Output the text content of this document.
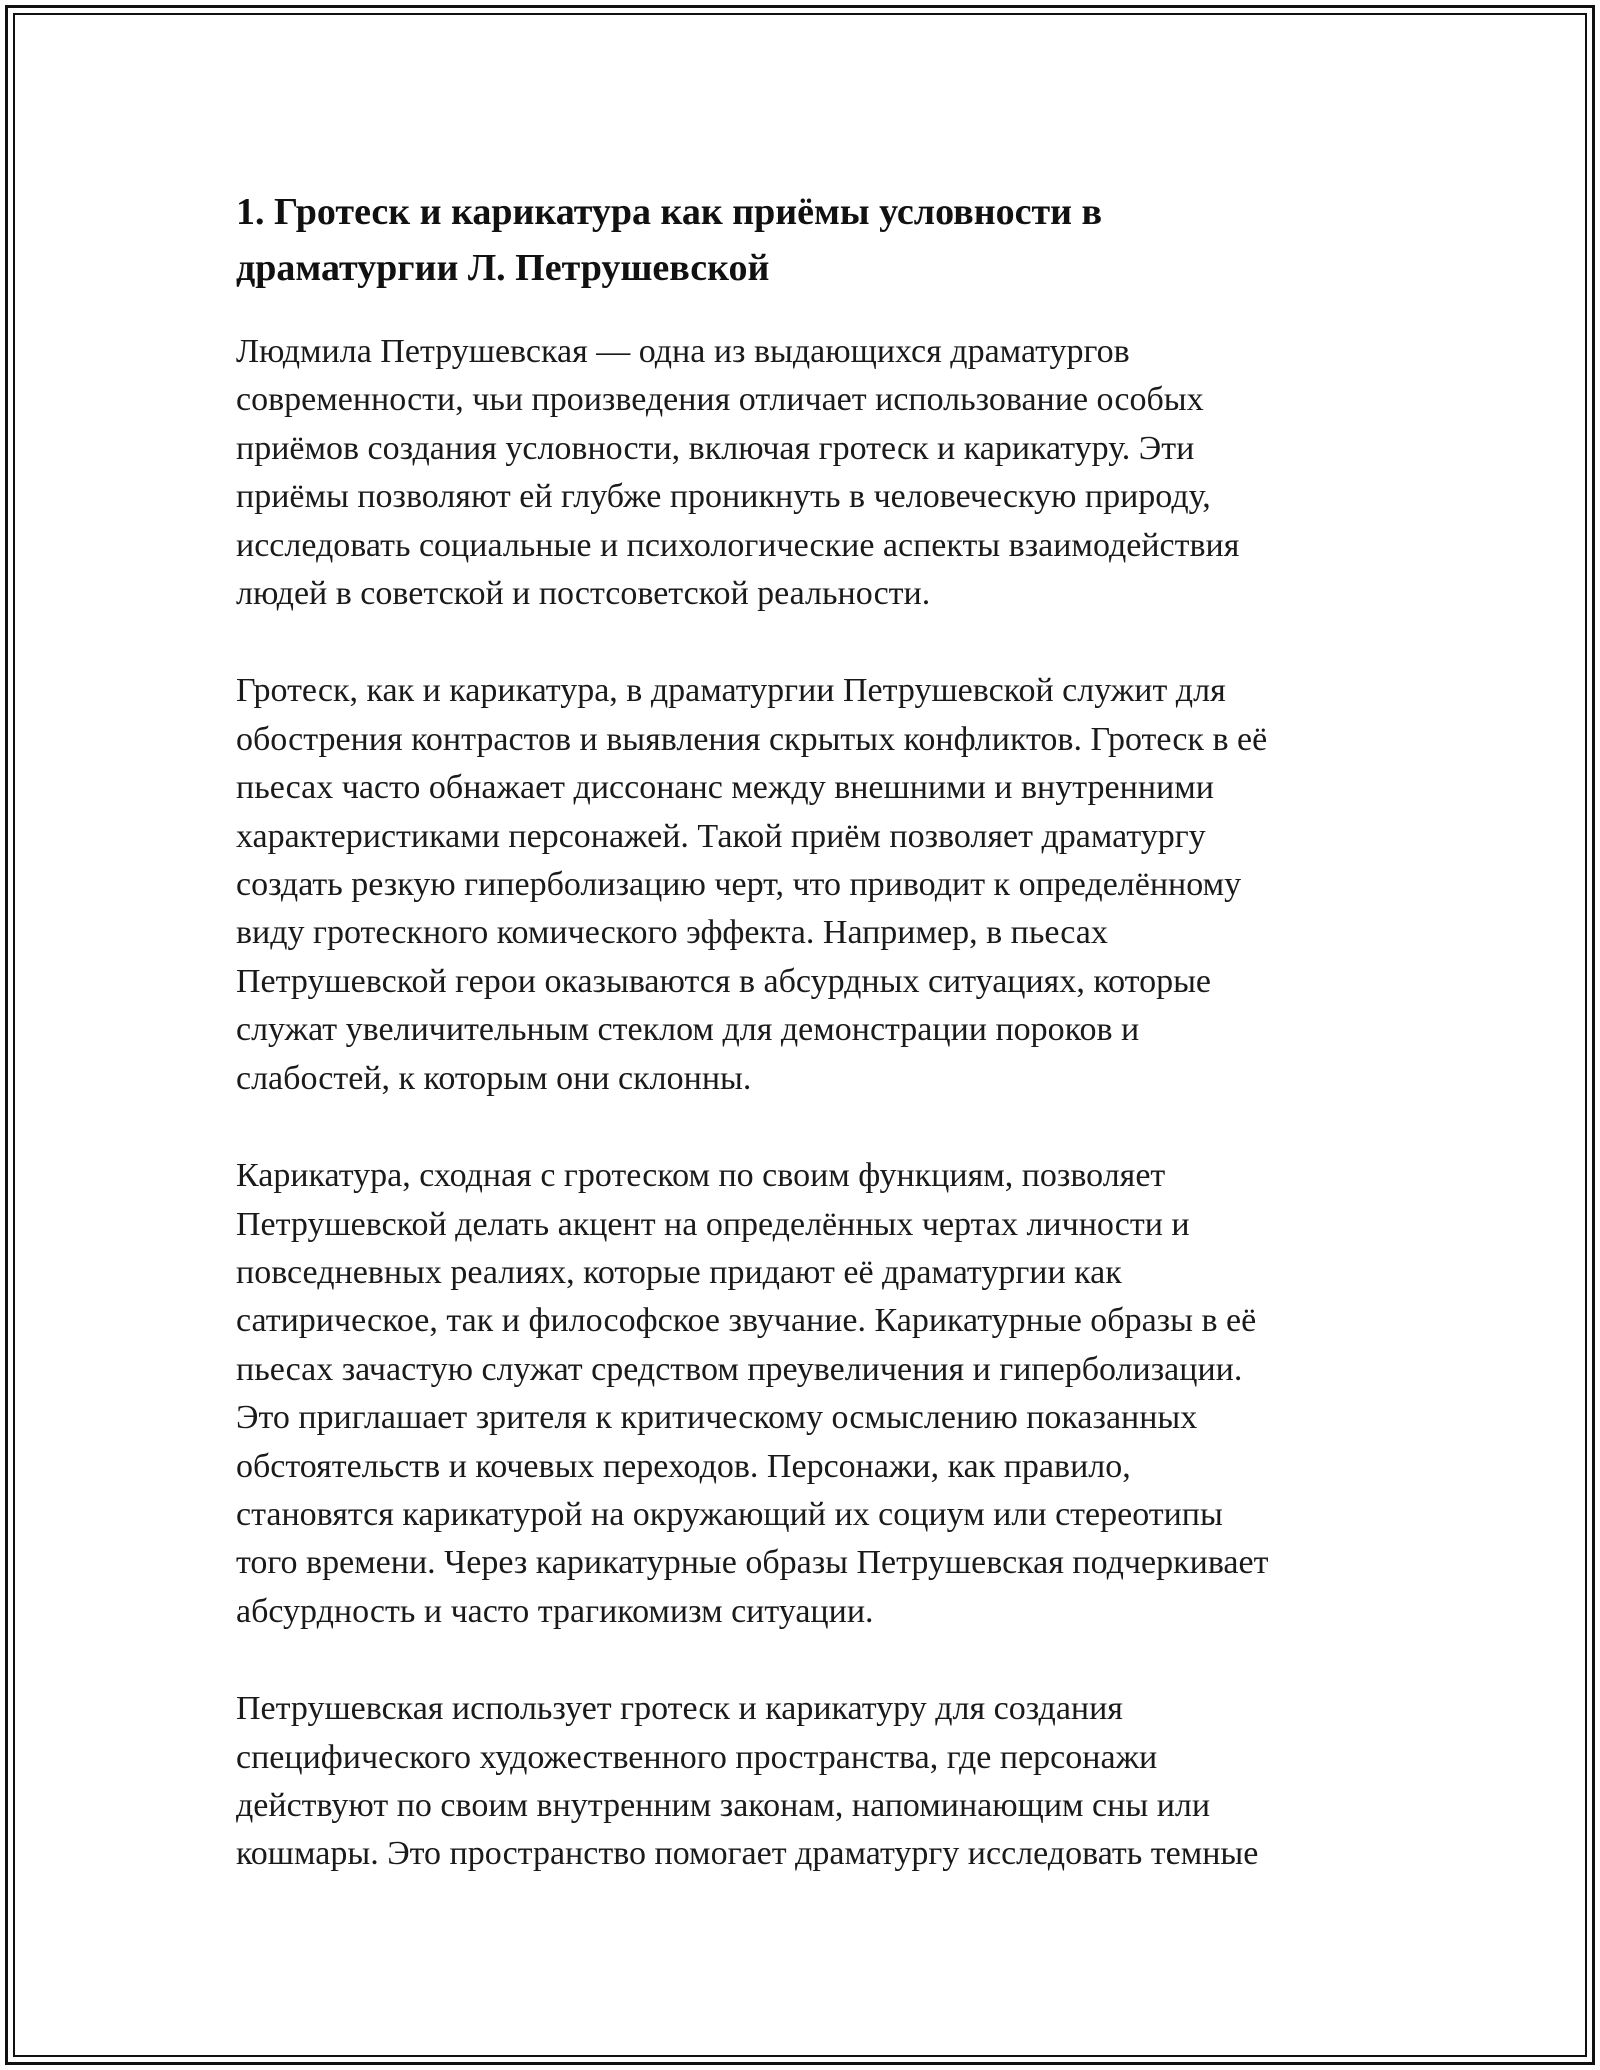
1. Гротеск и карикатура как приёмы условности в
драматургии Л. Петрушевской

Людмила Петрушевская — одна из выдающихся драматургов
современности, чьи произведения отличает использование особых
приёмов создания условности, включая гротеск и карикатуру. Эти
приёмы позволяют ей глубже проникнуть в человеческую природу,
исследовать социальные и психологические аспекты взаимодействия
людей в советской и постсоветской реальности.

Гротеск, как и карикатура, в драматургии Петрушевской служит для
обострения контрастов и выявления скрытых конфликтов. Гротеск в её
пьесах часто обнажает диссонанс между внешними и внутренними
характеристиками персонажей. Такой приём позволяет драматургу
создать резкую гиперболизацию черт, что приводит к определённому
виду гротескного комического эффекта. Например, в пьесах
Петрушевской герои оказываются в абсурдных ситуациях, которые
служат увеличительным стеклом для демонстрации пороков и
слабостей, к которым они склонны.

Карикатура, сходная с гротеском по своим функциям, позволяет
Петрушевской делать акцент на определённых чертах личности и
повседневных реалиях, которые придают её драматургии как
сатирическое, так и философское звучание. Карикатурные образы в её
пьесах зачастую служат средством преувеличения и гиперболизации.
Это приглашает зрителя к критическому осмыслению показанных
обстоятельств и кочевых переходов. Персонажи, как правило,
становятся карикатурой на окружающий их социум или стереотипы
того времени. Через карикатурные образы Петрушевская подчеркивает
абсурдность и часто трагикомизм ситуации.

Петрушевская использует гротеск и карикатуру для создания
специфического художественного пространства, где персонажи
действуют по своим внутренним законам, напоминающим сны или
кошмары. Это пространство помогает драматургу исследовать темные
